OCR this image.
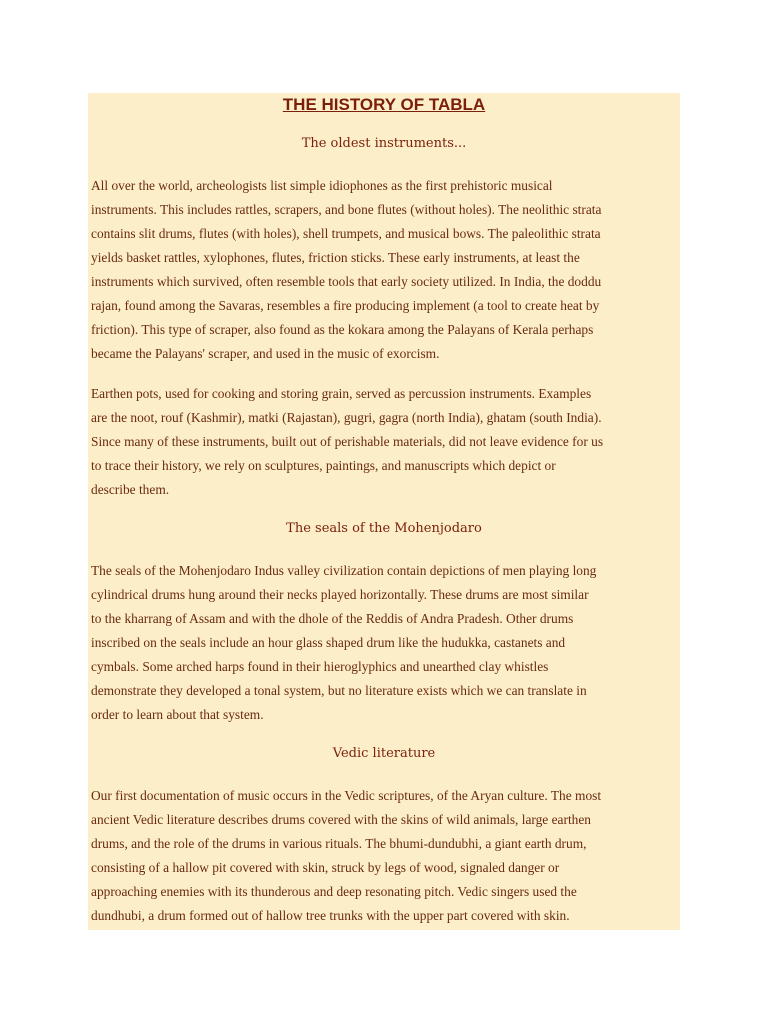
THE HISTORY OF TABLA
The oldest instruments...
All over the world, archeologists list simple idiophones as the first prehistoric musical
instruments. This includes rattles, scrapers, and bone flutes (without holes). The neolithic strata
contains slit drums, flutes (with holes), shell trumpets, and musical bows. The paleolithic strata
yields basket rattles, xylophones, flutes, friction sticks. These early instruments, at least the
instruments which survived, often resemble tools that early society utilized. In India, the doddu
rajan, found among the Savaras, resembles a fire producing implement (a tool to create heat by
friction). This type of scraper, also found as the kokara among the Palayans of Kerala perhaps
became the Palayans' scraper, and used in the music of exorcism.
Earthen pots, used for cooking and storing grain, served as percussion instruments. Examples
are the noot, rouf (Kashmir), matki (Rajastan), gugri, gagra (north India), ghatam (south India).
Since many of these instruments, built out of perishable materials, did not leave evidence for us
to trace their history, we rely on sculptures, paintings, and manuscripts which depict or
describe them.
The seals of the Mohenjodaro
The seals of the Mohenjodaro Indus valley civilization contain depictions of men playing long
cylindrical drums hung around their necks played horizontally. These drums are most similar
to the kharrang of Assam and with the dhole of the Reddis of Andra Pradesh. Other drums
inscribed on the seals include an hour glass shaped drum like the hudukka, castanets and
cymbals. Some arched harps found in their hieroglyphics and unearthed clay whistles
demonstrate they developed a tonal system, but no literature exists which we can translate in
order to learn about that system.
Vedic literature
Our first documentation of music occurs in the Vedic scriptures, of the Aryan culture. The most
ancient Vedic literature describes drums covered with the skins of wild animals, large earthen
drums, and the role of the drums in various rituals. The bhumi-dundubhi, a giant earth drum,
consisting of a hallow pit covered with skin, struck by legs of wood, signaled danger or
approaching enemies with its thunderous and deep resonating pitch. Vedic singers used the
dundhubi, a drum formed out of hallow tree trunks with the upper part covered with skin.
